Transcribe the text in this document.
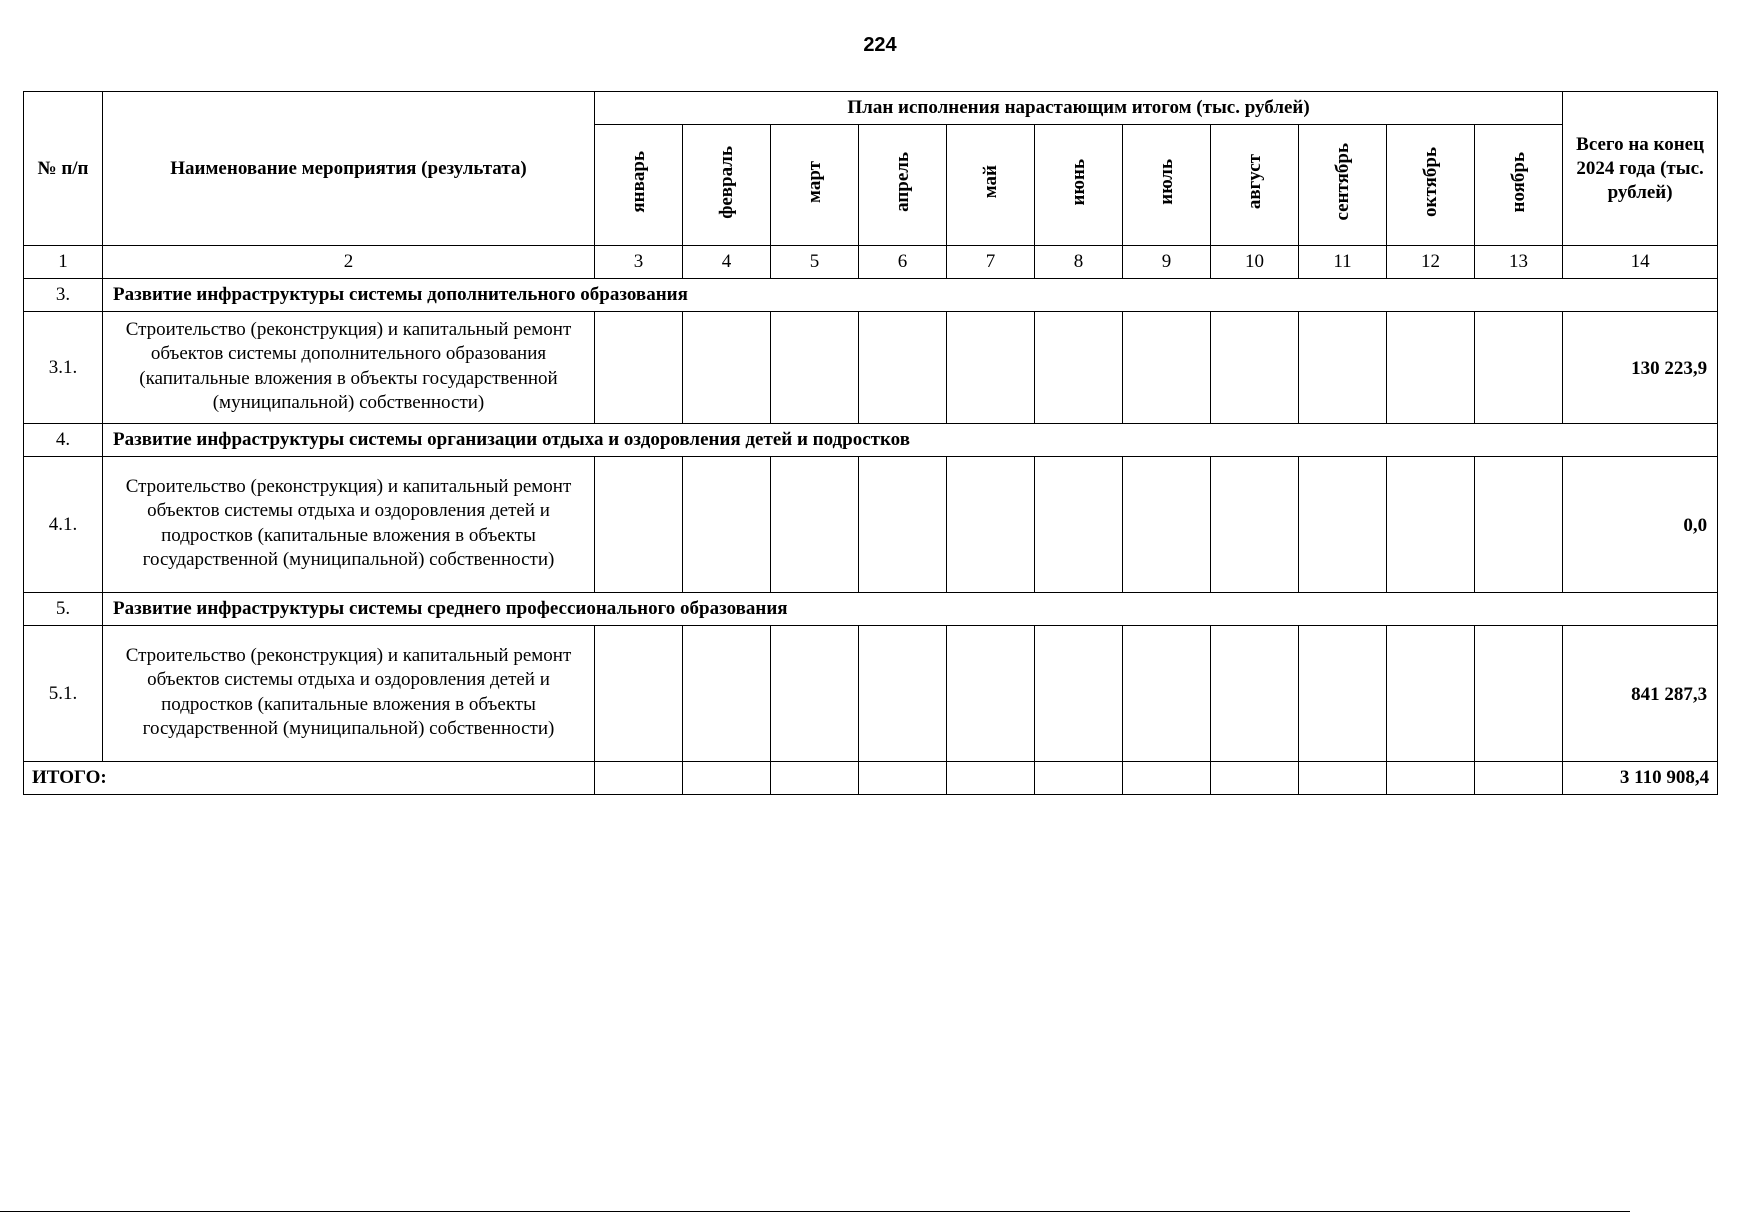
224
№ п/п	Наименование мероприятия (результата)	План исполнения нарастающим итогом (тыс. рублей)											Всего на конец 2024 года (тыс. рублей)
		январь	февраль	март	апрель	май	июнь	июль	август	сентябрь	октябрь	ноябрь	
1	2	3	4	5	6	7	8	9	10	11	12	13	14
3.	Развитие инфраструктуры системы дополнительного образования												
3.1.	Строительство (реконструкция) и капитальный ремонт объектов системы дополнительного образования (капитальные вложения в объекты государственной (муниципальной) собственности)												130 223,9
4.	Развитие инфраструктуры системы организации отдыха и оздоровления детей и подростков												
4.1.	Строительство (реконструкция) и капитальный ремонт объектов системы отдыха и оздоровления детей и подростков (капитальные вложения в объекты государственной (муниципальной) собственности)												0,0
5.	Развитие инфраструктуры системы среднего профессионального образования												
5.1.	Строительство (реконструкция) и капитальный ремонт объектов системы отдыха и оздоровления детей и подростков (капитальные вложения в объекты государственной (муниципальной) собственности)												841 287,3
ИТОГО:													3 110 908,4
